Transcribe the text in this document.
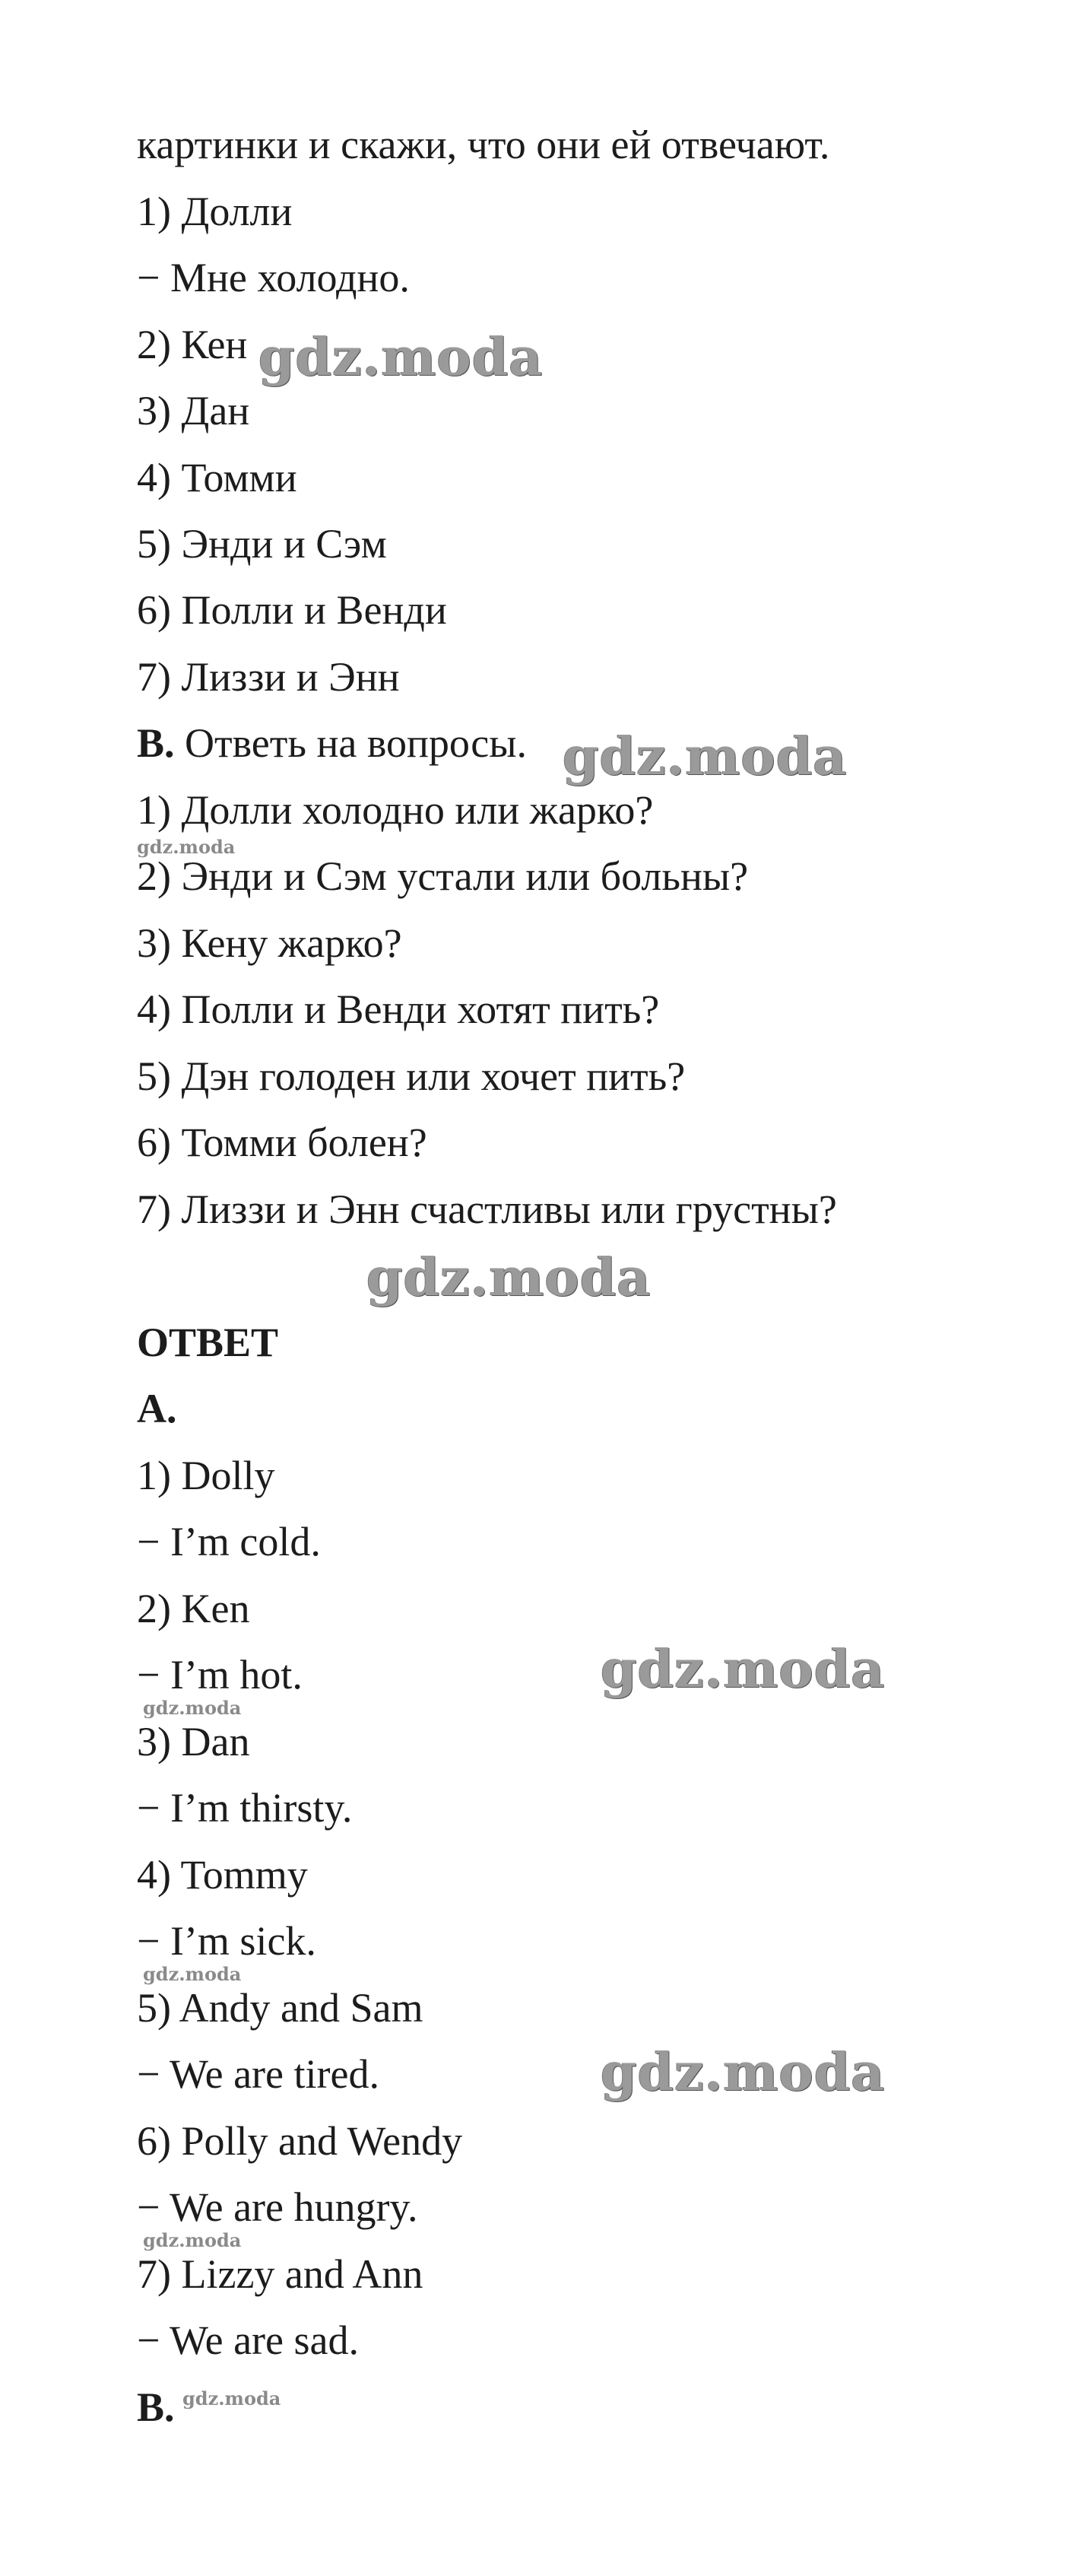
картинки и скажи, что они ей отвечают.
1) Долли
− Мне холодно.
2) Кен
3) Дан
4) Томми
5) Энди и Сэм
6) Полли и Венди
7) Лиззи и Энн
B. Ответь на вопросы.
1) Долли холодно или жарко?
2) Энди и Сэм устали или больны?
3) Кену жарко?
4) Полли и Венди хотят пить?
5) Дэн голоден или хочет пить?
6) Томми болен?
7) Лиззи и Энн счастливы или грустны?
ОТВЕТ
A.
1) Dolly
− I’m cold.
2) Ken
− I’m hot.
3) Dan
− I’m thirsty.
4) Tommy
− I’m sick.
5) Andy and Sam
− We are tired.
6) Polly and Wendy
− We are hungry.
7) Lizzy and Ann
− We are sad.
B.
gdz.moda
gdz.moda
gdz.moda
gdz.moda
gdz.moda
gdz.moda
gdz.moda
gdz.moda
gdz.moda
gdz.moda
